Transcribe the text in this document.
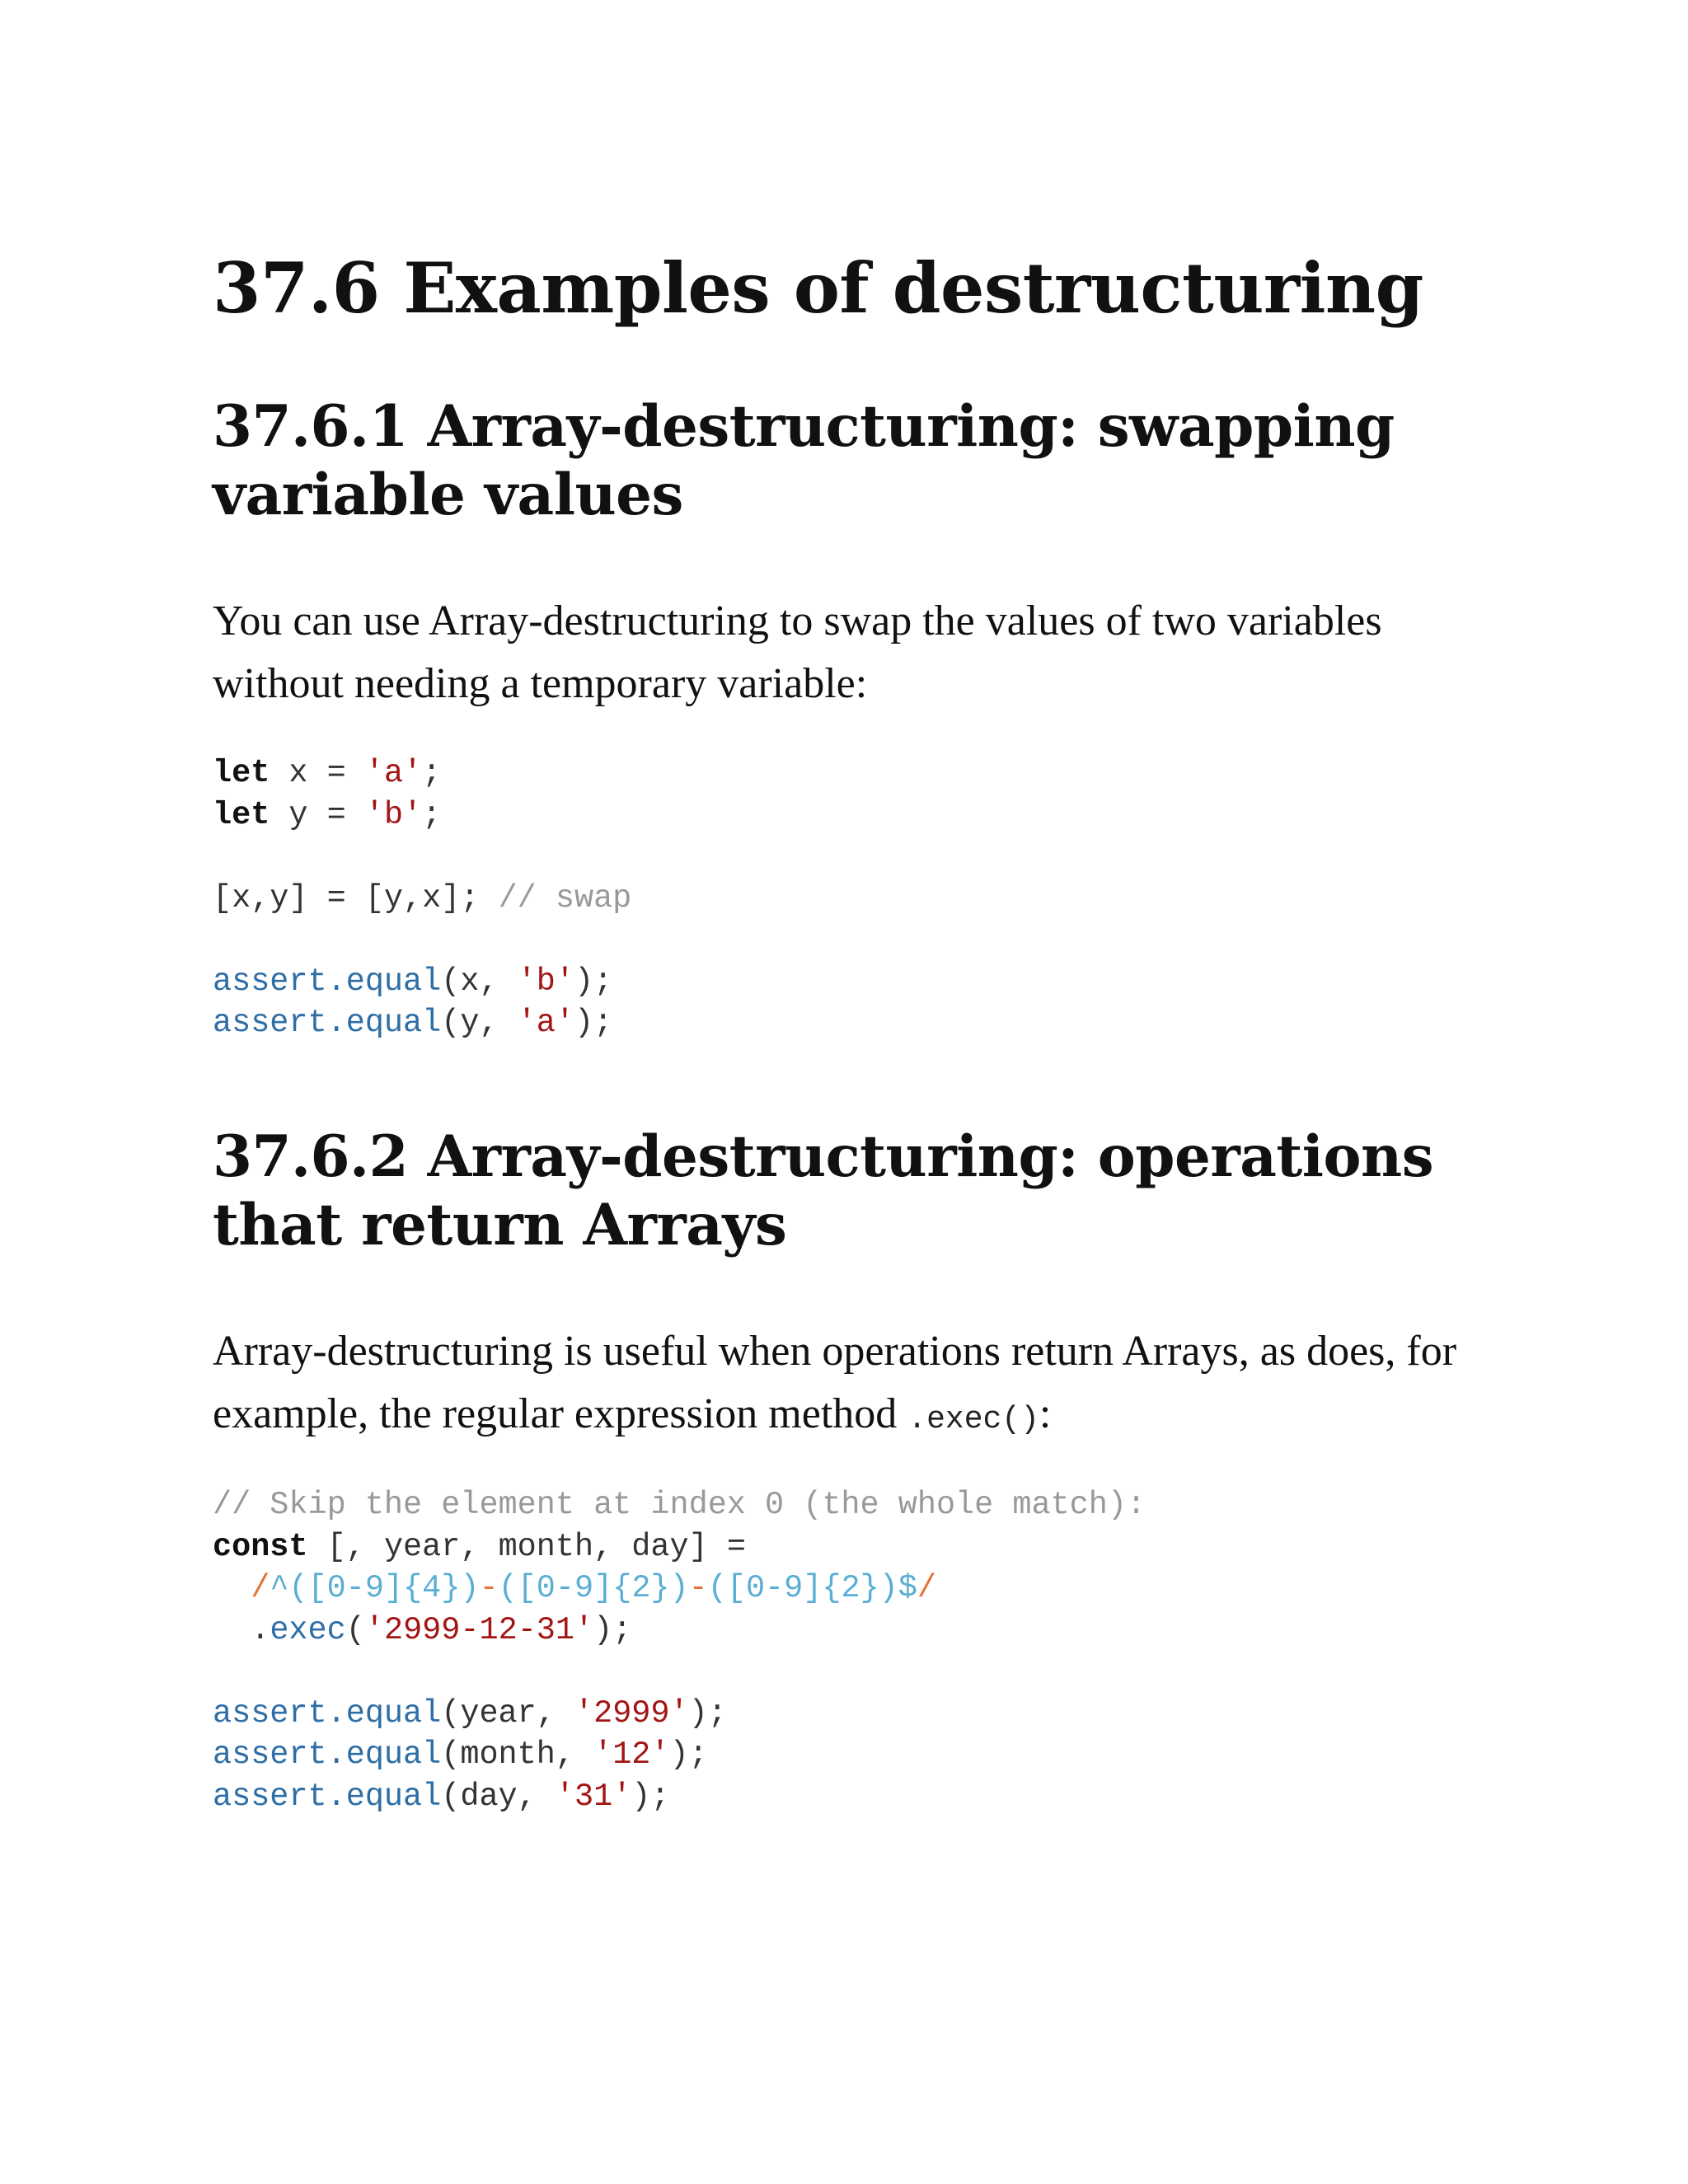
37.6 Examples of destructuring
37.6.1 Array-destructuring: swapping variable values

You can use Array-destructuring to swap the values of two variables without needing a temporary variable:

let x = 'a';
let y = 'b';

[x,y] = [y,x]; // swap

assert.equal(x, 'b');
assert.equal(y, 'a');
37.6.2 Array-destructuring: operations that return Arrays

Array-destructuring is useful when operations return Arrays, as does, for example, the regular expression method .exec():

// Skip the element at index 0 (the whole match):
const [, year, month, day] =
/^([0-9]{4})-([0-9]{2})-([0-9]{2})$/
.exec('2999-12-31');

assert.equal(year, '2999');
assert.equal(month, '12');
assert.equal(day, '31');
